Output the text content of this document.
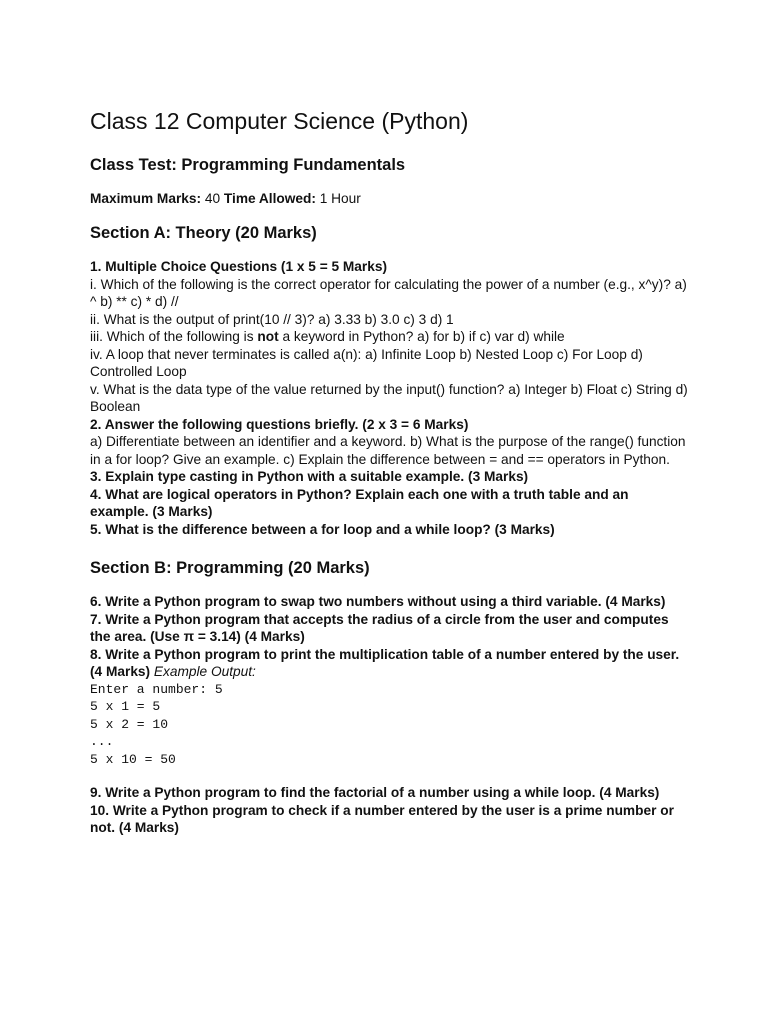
Class 12 Computer Science (Python)
Class Test: Programming Fundamentals

Maximum Marks: 40 Time Allowed: 1 Hour

Section A: Theory (20 Marks)
1. Multiple Choice Questions (1 x 5 = 5 Marks)
i. Which of the following is the correct operator for calculating the power of a number (e.g., x^y)? a) ^ b) ** c) * d) //
ii. What is the output of print(10 // 3)? a) 3.33 b) 3.0 c) 3 d) 1
iii. Which of the following is not a keyword in Python? a) for b) if c) var d) while
iv. A loop that never terminates is called a(n): a) Infinite Loop b) Nested Loop c) For Loop d) Controlled Loop
v. What is the data type of the value returned by the input() function? a) Integer b) Float c) String d) Boolean
2. Answer the following questions briefly. (2 x 3 = 6 Marks)
a) Differentiate between an identifier and a keyword. b) What is the purpose of the range() function in a for loop? Give an example. c) Explain the difference between = and == operators in Python.
3. Explain type casting in Python with a suitable example. (3 Marks)
4. What are logical operators in Python? Explain each one with a truth table and an example. (3 Marks)
5. What is the difference between a for loop and a while loop? (3 Marks)
Section B: Programming (20 Marks)
6. Write a Python program to swap two numbers without using a third variable. (4 Marks)
7. Write a Python program that accepts the radius of a circle from the user and computes the area. (Use π = 3.14) (4 Marks)
8. Write a Python program to print the multiplication table of a number entered by the user. (4 Marks) Example Output:
Enter a number: 5
5 x 1 = 5
5 x 2 = 10
...
5 x 10 = 50
9. Write a Python program to find the factorial of a number using a while loop. (4 Marks)
10. Write a Python program to check if a number entered by the user is a prime number or not. (4 Marks)
